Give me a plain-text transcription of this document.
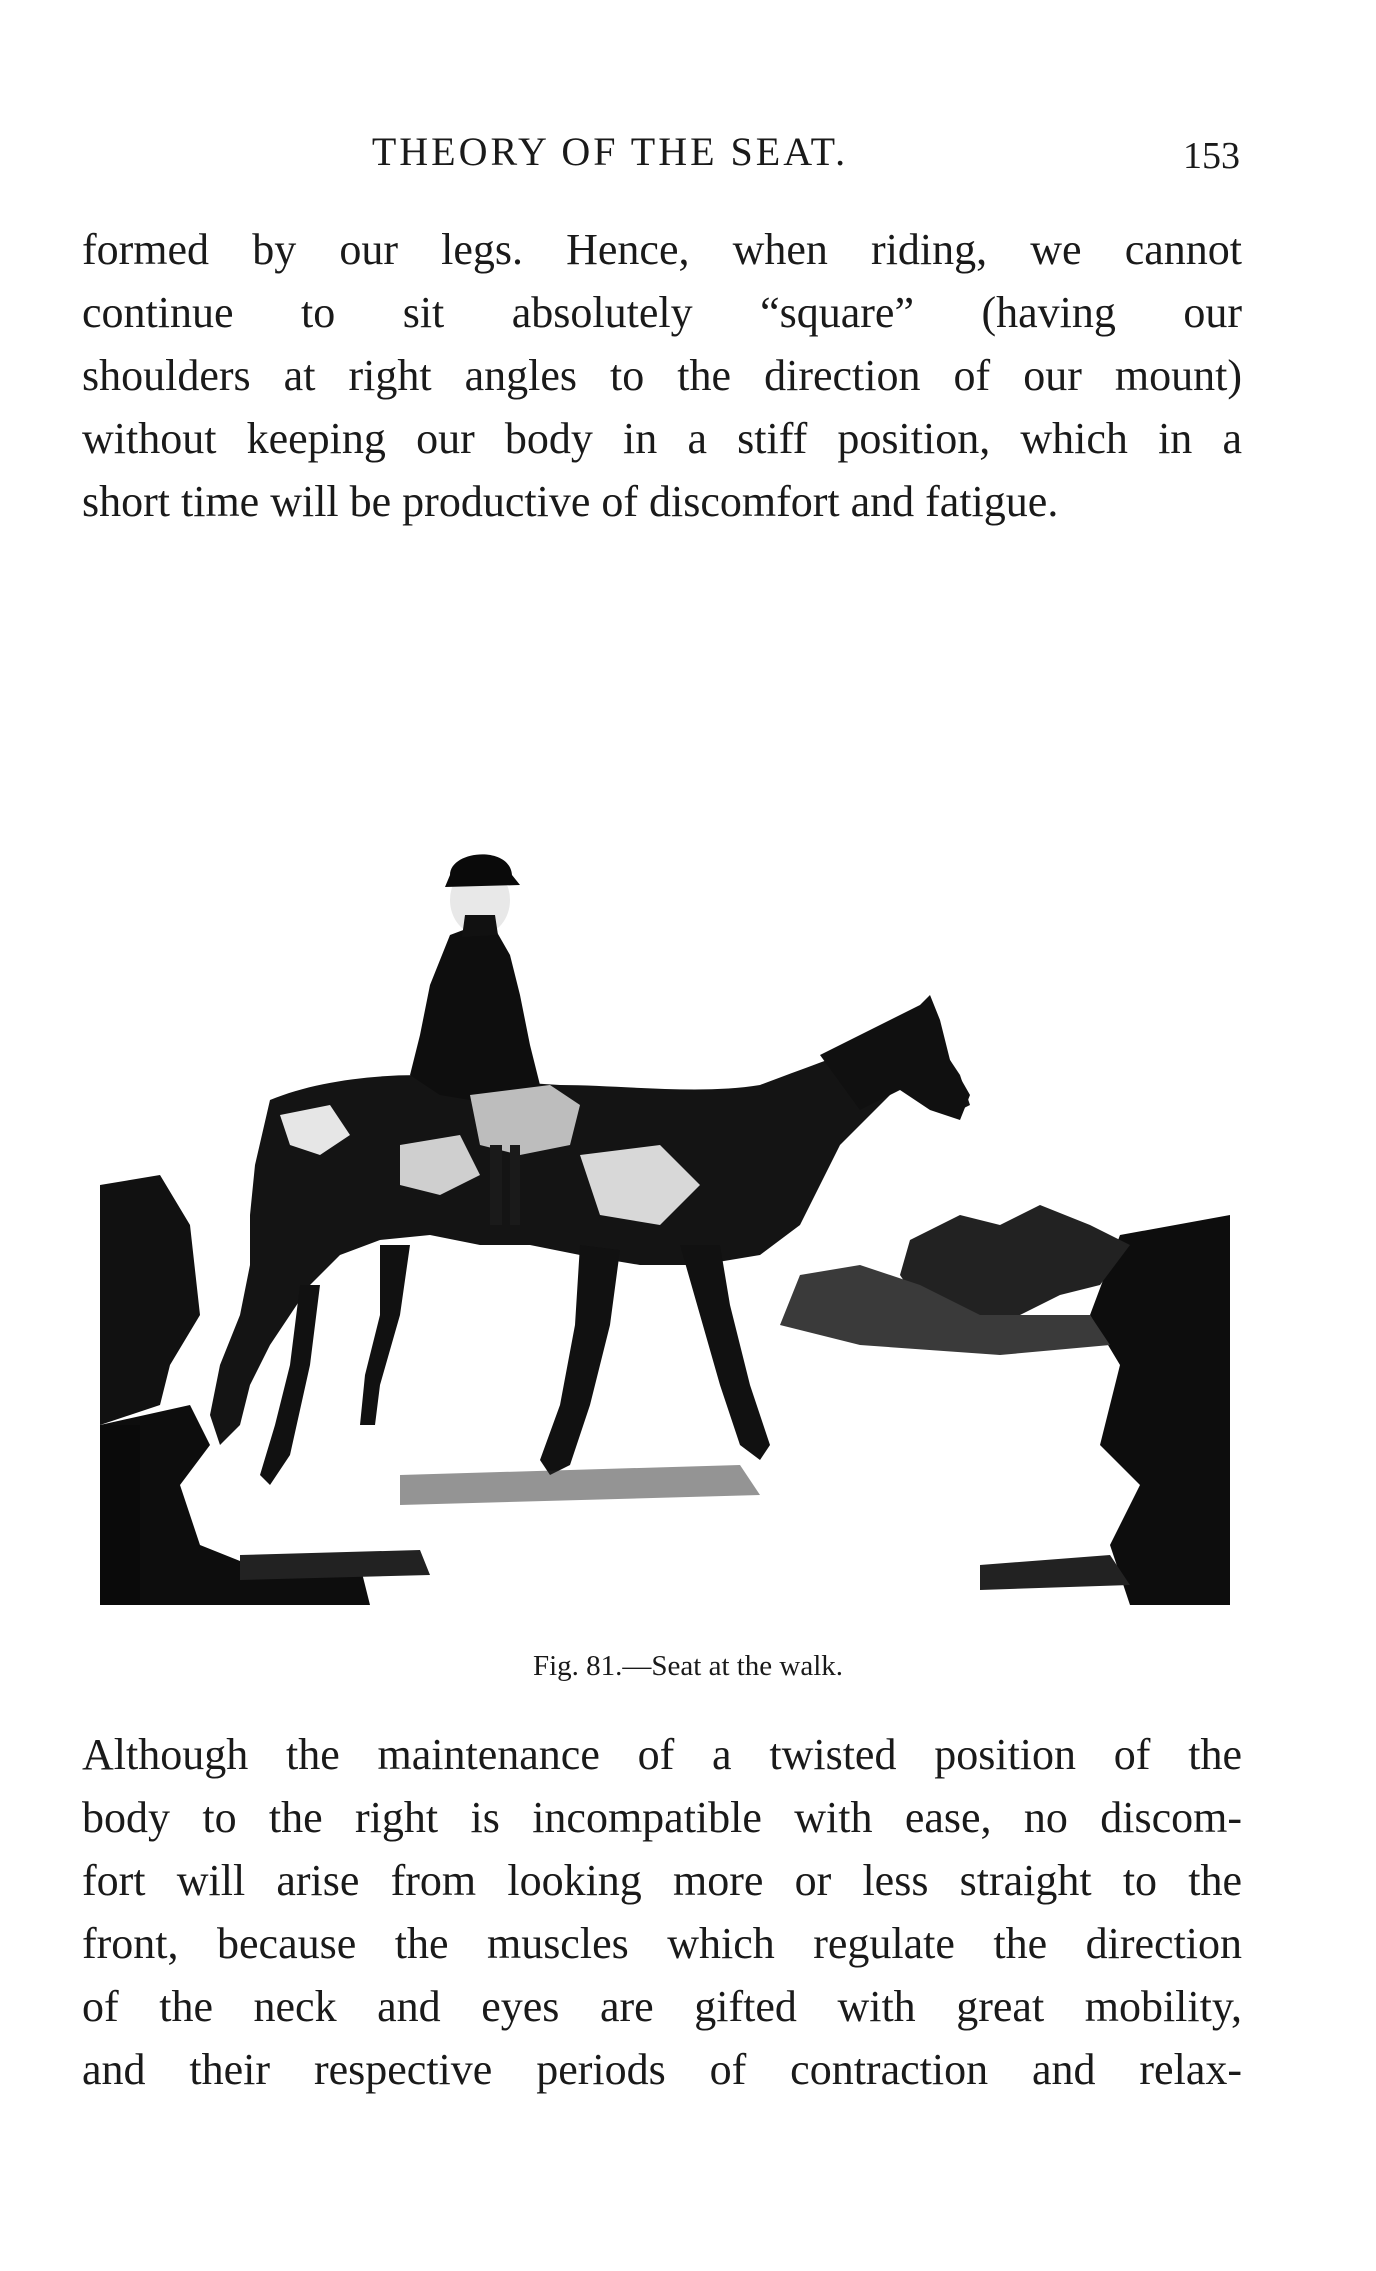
THEORY OF THE SEAT.	153
formed by our legs. Hence, when riding, we cannot
continue to sit absolutely “square” (having our
shoulders at right angles to the direction of our mount)
without keeping our body in a stiff position, which in a
short time will be productive of discomfort and fatigue.
Fig. 81.—Seat at the walk.
Although the maintenance of a twisted position of the
body to the right is incompatible with ease, no discom-
fort will arise from looking more or less straight to the
front, because the muscles which regulate the direction
of the neck and eyes are gifted with great mobility,
and their respective periods of contraction and relax-
